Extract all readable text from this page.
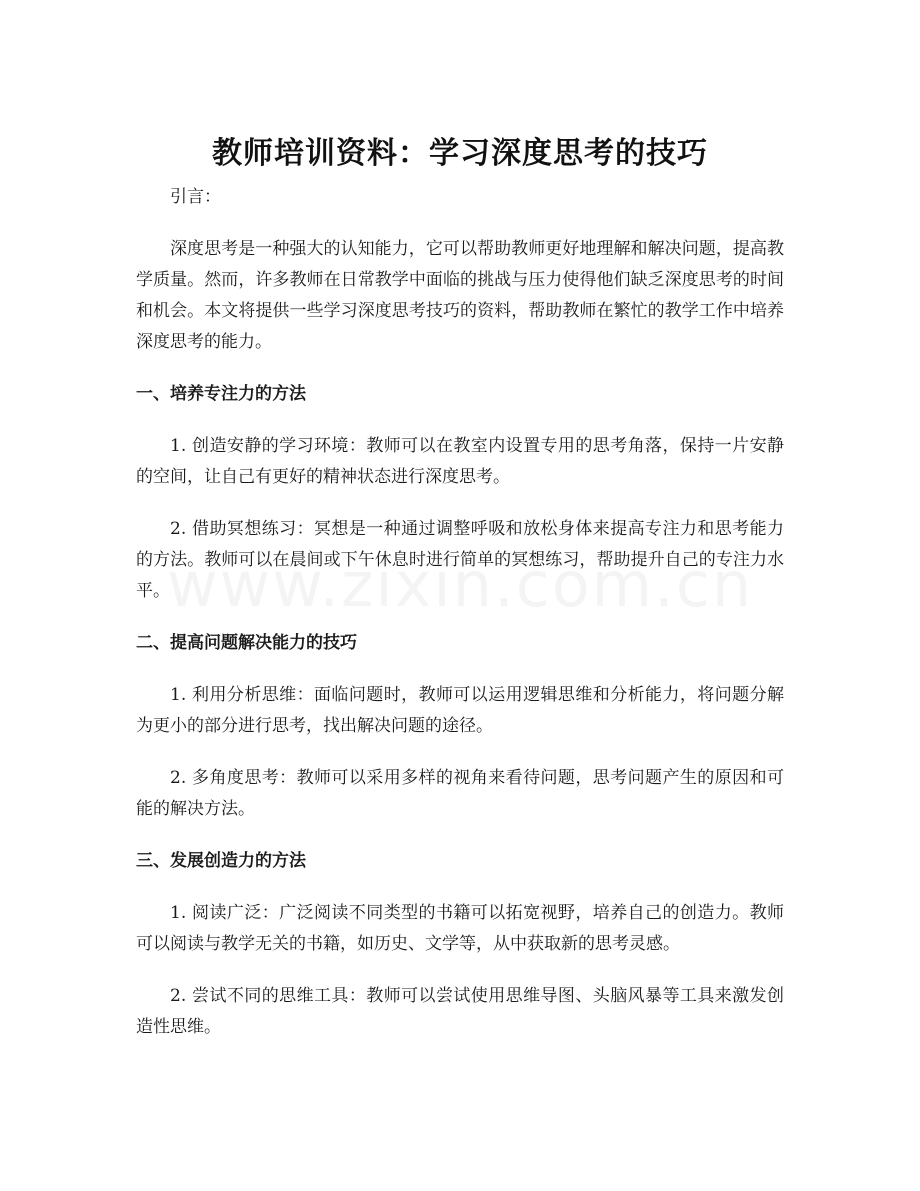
教师培训资料：学习深度思考的技巧

引言：

深度思考是一种强大的认知能力，它可以帮助教师更好地理解和解决问题，提高教学质量。然而，许多教师在日常教学中面临的挑战与压力使得他们缺乏深度思考的时间和机会。本文将提供一些学习深度思考技巧的资料，帮助教师在繁忙的教学工作中培养深度思考的能力。

一、培养专注力的方法

1. 创造安静的学习环境：教师可以在教室内设置专用的思考角落，保持一片安静的空间，让自己有更好的精神状态进行深度思考。

2. 借助冥想练习：冥想是一种通过调整呼吸和放松身体来提高专注力和思考能力的方法。教师可以在晨间或下午休息时进行简单的冥想练习，帮助提升自己的专注力水平。

二、提高问题解决能力的技巧

1. 利用分析思维：面临问题时，教师可以运用逻辑思维和分析能力，将问题分解为更小的部分进行思考，找出解决问题的途径。

2. 多角度思考：教师可以采用多样的视角来看待问题，思考问题产生的原因和可能的解决方法。

三、发展创造力的方法

1. 阅读广泛：广泛阅读不同类型的书籍可以拓宽视野，培养自己的创造力。教师可以阅读与教学无关的书籍，如历史、文学等，从中获取新的思考灵感。

2. 尝试不同的思维工具：教师可以尝试使用思维导图、头脑风暴等工具来激发创造性思维。
